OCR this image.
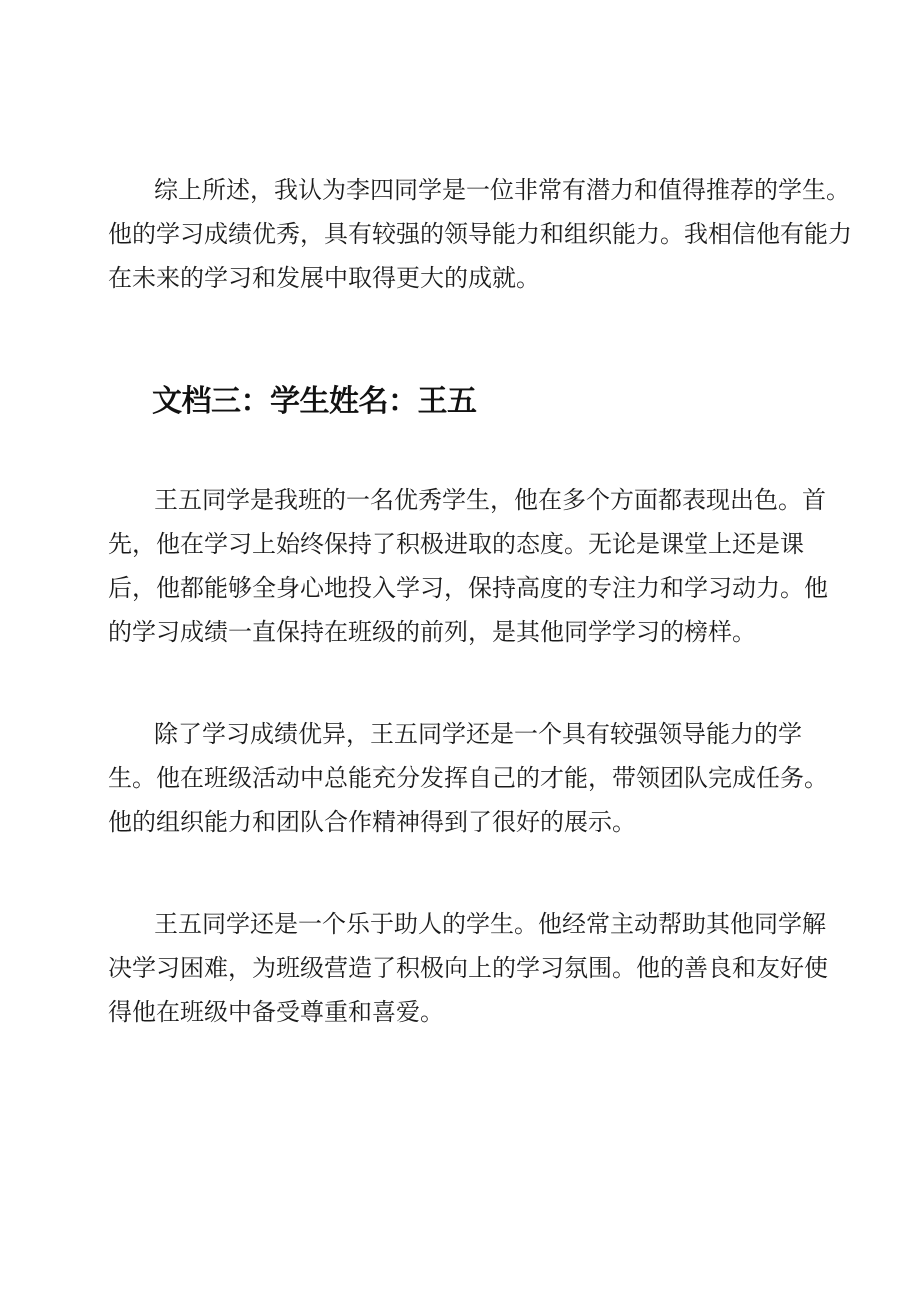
综上所述，我认为李四同学是一位非常有潜力和值得推荐的学生。
他的学习成绩优秀，具有较强的领导能力和组织能力。我相信他有能力
在未来的学习和发展中取得更大的成就。

文档三：学生姓名：王五

王五同学是我班的一名优秀学生，他在多个方面都表现出色。首
先，他在学习上始终保持了积极进取的态度。无论是课堂上还是课
后，他都能够全身心地投入学习，保持高度的专注力和学习动力。他
的学习成绩一直保持在班级的前列，是其他同学学习的榜样。

除了学习成绩优异，王五同学还是一个具有较强领导能力的学
生。他在班级活动中总能充分发挥自己的才能，带领团队完成任务。
他的组织能力和团队合作精神得到了很好的展示。

王五同学还是一个乐于助人的学生。他经常主动帮助其他同学解
决学习困难，为班级营造了积极向上的学习氛围。他的善良和友好使
得他在班级中备受尊重和喜爱。
